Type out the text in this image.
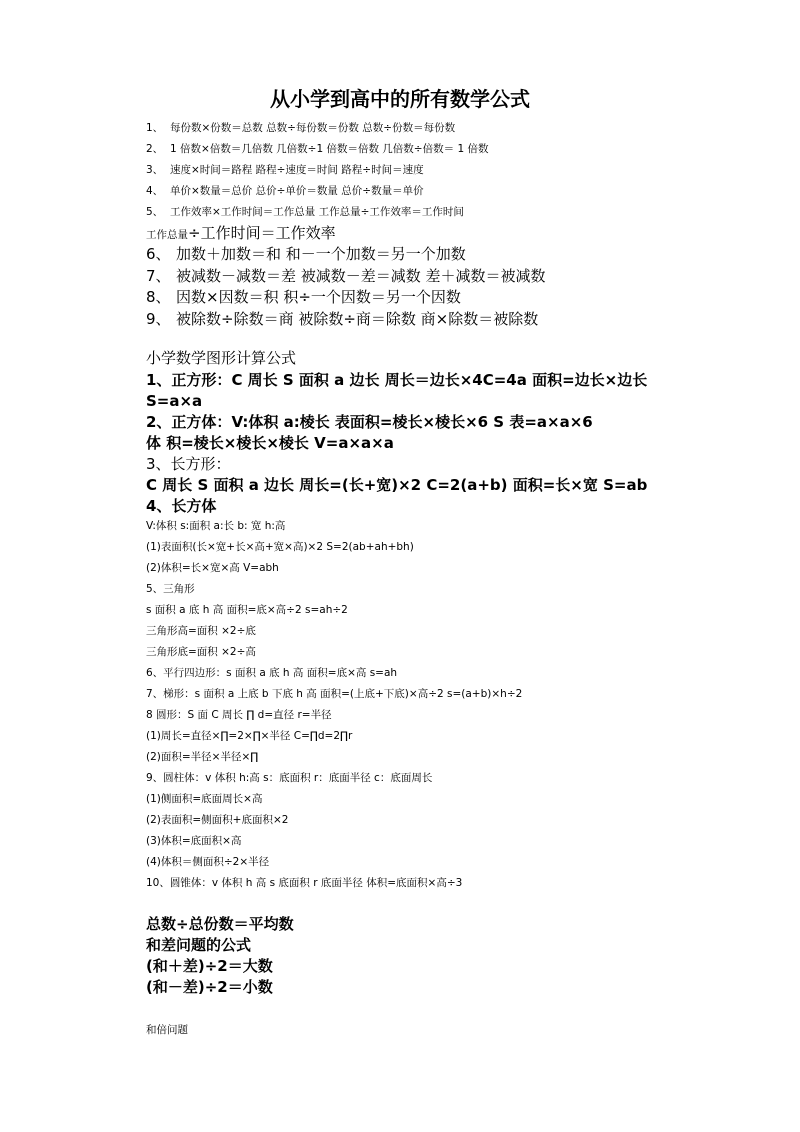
从小学到高中的所有数学公式

1、 每份数×份数＝总数 总数÷每份数＝份数 总数÷份数＝每份数

2、 1 倍数×倍数＝几倍数 几倍数÷1 倍数＝倍数 几倍数÷倍数＝ 1 倍数

3、 速度×时间＝路程 路程÷速度＝时间 路程÷时间＝速度

4、 单价×数量＝总价 总价÷单价＝数量 总价÷数量＝单价

5、 工作效率×工作时间＝工作总量 工作总量÷工作效率＝工作时间

工作总量÷工作时间＝工作效率

6、 加数＋加数＝和 和－一个加数＝另一个加数

7、 被减数－减数＝差 被减数－差＝减数 差＋减数＝被减数

8、 因数×因数＝积 积÷一个因数＝另一个因数

9、 被除数÷除数＝商 被除数÷商＝除数 商×除数＝被除数

小学数学图形计算公式

1、正方形：C 周长 S 面积 a 边长 周长＝边长×4C=4a 面积=边长×边长

S=a×a

2、正方体：V:体积 a:棱长 表面积=棱长×棱长×6 S 表=a×a×6

体 积=棱长×棱长×棱长 V=a×a×a

3、长方形：

C 周长 S 面积 a 边长 周长=(长+宽)×2 C=2(a+b) 面积=长×宽 S=ab

4、长方体

V:体积 s:面积 a:长 b: 宽 h:高

(1)表面积(长×宽+长×高+宽×高)×2 S=2(ab+ah+bh)

(2)体积=长×宽×高 V=abh

5、三角形

s 面积 a 底 h 高 面积=底×高÷2 s=ah÷2

三角形高=面积 ×2÷底

三角形底=面积 ×2÷高

6、平行四边形：s 面积 a 底 h 高 面积=底×高 s=ah

7、梯形：s 面积 a 上底 b 下底 h 高 面积=(上底+下底)×高÷2 s=(a+b)×h÷2

8 圆形：S 面 C 周长 ∏ d=直径 r=半径

(1)周长=直径×∏=2×∏×半径 C=∏d=2∏r

(2)面积=半径×半径×∏

9、圆柱体：v 体积 h:高 s：底面积 r：底面半径 c：底面周长

(1)侧面积=底面周长×高

(2)表面积=侧面积+底面积×2

(3)体积=底面积×高

(4)体积＝侧面积÷2×半径

10、圆锥体：v 体积 h 高 s 底面积 r 底面半径 体积=底面积×高÷3

总数÷总份数＝平均数

和差问题的公式

(和＋差)÷2＝大数

(和－差)÷2＝小数

和倍问题
